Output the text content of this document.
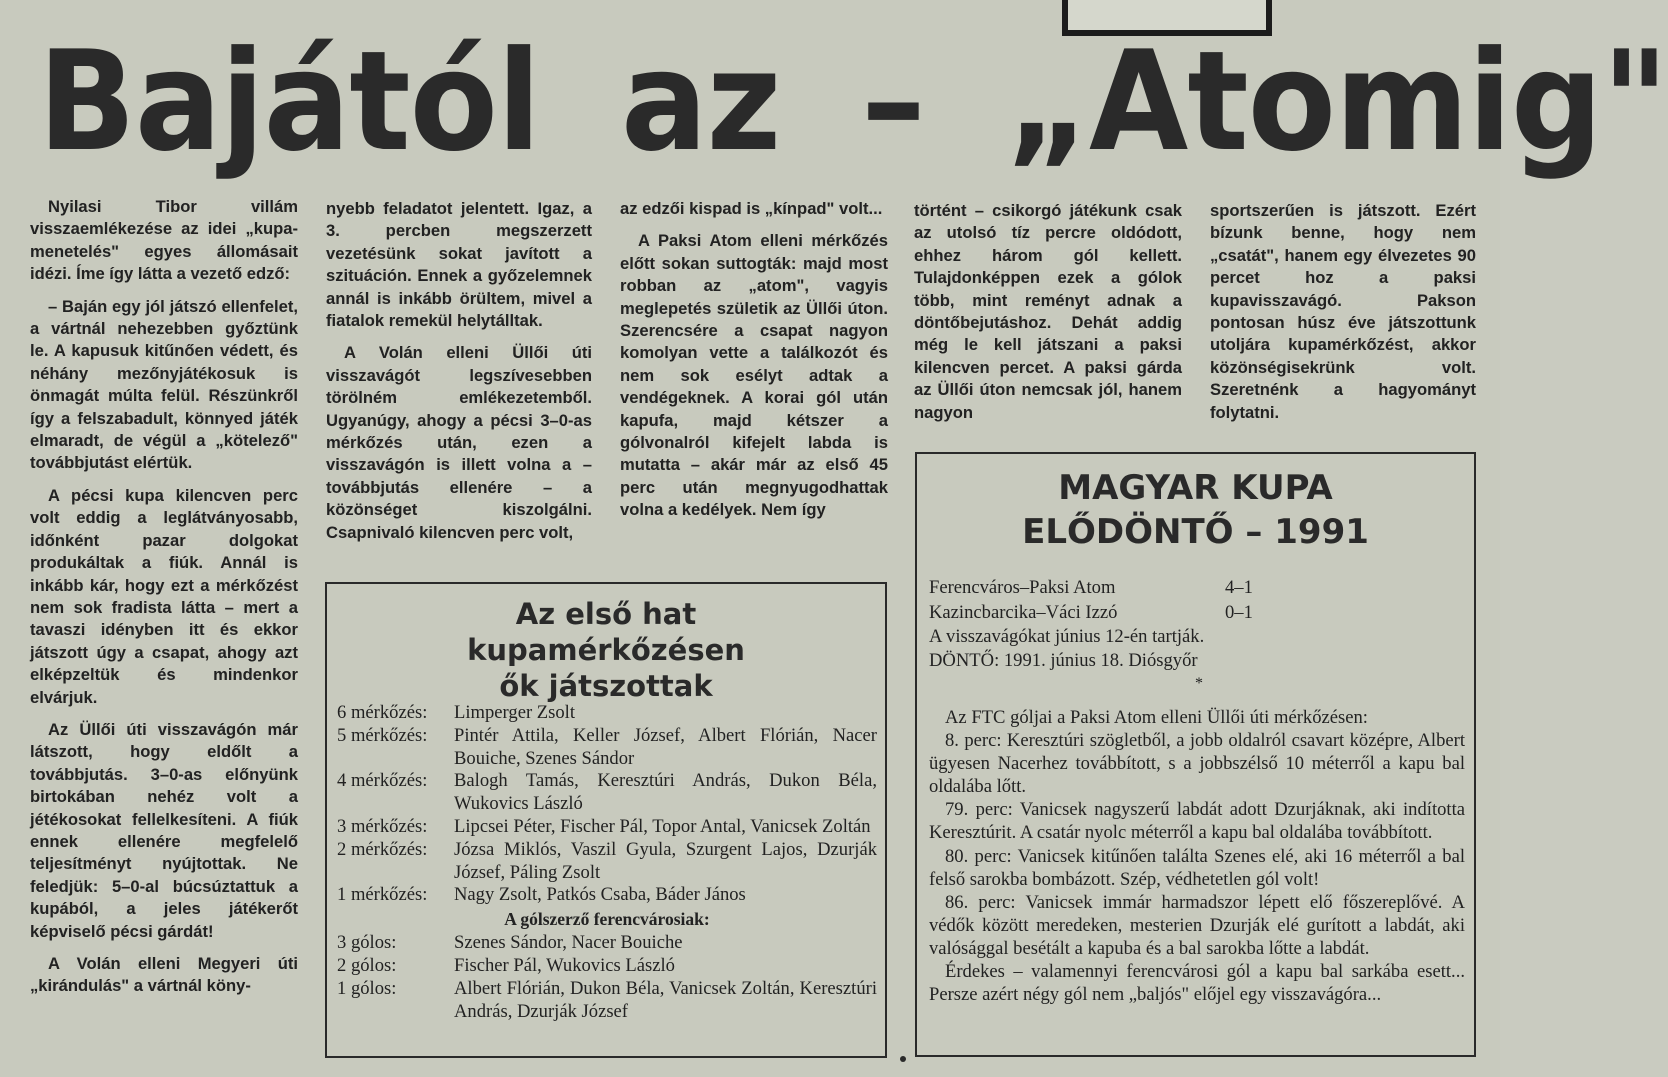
Bajától az – „Atomig"

Nyilasi Tibor villám visszaemlékezése az idei „kupa-menetelés" egyes állomásait idézi. Íme így látta a vezető edző:

– Baján egy jól játszó ellenfelet, a vártnál nehezebben győztünk le. A kapusuk kitűnően védett, és néhány mezőnyjátékosuk is önmagát múlta felül. Részünkről így a felszabadult, könnyed játék elmaradt, de végül a „kötelező" továbbjutást elértük.

A pécsi kupa kilencven perc volt eddig a leglátványosabb, időnként pazar dolgokat produkáltak a fiúk. Annál is inkább kár, hogy ezt a mérkőzést nem sok fradista látta – mert a tavaszi idényben itt és ekkor játszott úgy a csapat, ahogy azt elképzeltük és mindenkor elvárjuk.

Az Üllői úti visszavágón már látszott, hogy eldőlt a továbbjutás. 3–0-as előnyünk birtokában nehéz volt a jétékosokat fellelkesíteni. A fiúk ennek ellenére megfelelő teljesítményt nyújtottak. Ne feledjük: 5–0-al búcsúztattuk a kupából, a jeles játékerőt képviselő pécsi gárdát!

A Volán elleni Megyeri úti „kirándulás" a vártnál köny-

nyebb feladatot jelentett. Igaz, a 3. percben megszerzett vezetésünk sokat javított a szituáción. Ennek a győzelemnek annál is inkább örültem, mivel a fiatalok remekül helytálltak.

A Volán elleni Üllői úti visszavágót legszívesebben törölném emlékezetemből. Ugyanúgy, ahogy a pécsi 3–0-as mérkőzés után, ezen a visszavágón is illett volna a – továbbjutás ellenére – a közönséget kiszolgálni. Csapnivaló kilencven perc volt,

az edzői kispad is „kínpad" volt...

A Paksi Atom elleni mérkőzés előtt sokan suttogták: majd most robban az „atom", vagyis meglepetés születik az Üllői úton. Szerencsére a csapat nagyon komolyan vette a találkozót és nem sok esélyt adtak a vendégeknek. A korai gól után kapufa, majd kétszer a gólvonalról kifejelt labda is mutatta – akár már az első 45 perc után megnyugodhattak volna a kedélyek. Nem így

történt – csikorgó játékunk csak az utolsó tíz percre oldódott, ehhez három gól kellett. Tulajdonképpen ezek a gólok több, mint reményt adnak a döntőbejutáshoz. Dehát addig még le kell játszani a paksi kilencven percet. A paksi gárda az Üllői úton nemcsak jól, hanem nagyon

sportszerűen is játszott. Ezért bízunk benne, hogy nem „csatát", hanem egy élvezetes 90 percet hoz a paksi kupavisszavágó. Pakson pontosan húsz éve játszottunk utoljára kupamérkőzést, akkor közönségisekrünk volt. Szeretnénk a hagyományt folytatni.

Az első hat
kupamérkőzésen
ők játszottak
6 mérkőzés:	Limperger Zsolt
5 mérkőzés:	Pintér Attila, Keller József, Albert Flórián, Nacer Bouiche, Szenes Sándor
4 mérkőzés:	Balogh Tamás, Keresztúri András, Dukon Béla, Wukovics László
3 mérkőzés:	Lipcsei Péter, Fischer Pál, Topor Antal, Vanicsek Zoltán
2 mérkőzés:	Józsa Miklós, Vaszil Gyula, Szurgent Lajos, Dzurják József, Páling Zsolt
1 mérkőzés:	Nagy Zsolt, Patkós Csaba, Báder János
A gólszerző ferencvárosiak:
3 gólos:	Szenes Sándor, Nacer Bouiche
2 gólos:	Fischer Pál, Wukovics László
1 gólos:	Albert Flórián, Dukon Béla, Vanicsek Zoltán, Keresztúri András, Dzurják József
MAGYAR KUPA
ELŐDÖNTŐ – 1991
Ferencváros–Paksi Atom	4–1
Kazincbarcika–Váci Izzó	0–1
A visszavágókat június 12-én tartják.
DÖNTŐ: 1991. június 18. Diósgyőr
*

Az FTC góljai a Paksi Atom elleni Üllői úti mérkőzésen:

8. perc: Keresztúri szögletből, a jobb oldalról csavart középre, Albert ügyesen Nacerhez továbbított, s a jobbszélső 10 méterről a kapu bal oldalába lőtt.

79. perc: Vanicsek nagyszerű labdát adott Dzurjáknak, aki indította Keresztúrit. A csatár nyolc méterről a kapu bal oldalába továbbított.

80. perc: Vanicsek kitűnően találta Szenes elé, aki 16 méterről a bal felső sarokba bombázott. Szép, védhetetlen gól volt!

86. perc: Vanicsek immár harmadszor lépett elő főszereplővé. A védők között meredeken, mesterien Dzurják elé gurított a labdát, aki valósággal besétált a kapuba és a bal sarokba lőtte a labdát.

Érdekes – valamennyi ferencvárosi gól a kapu bal sarkába esett... Persze azért négy gól nem „baljós" előjel egy visszavágóra...
